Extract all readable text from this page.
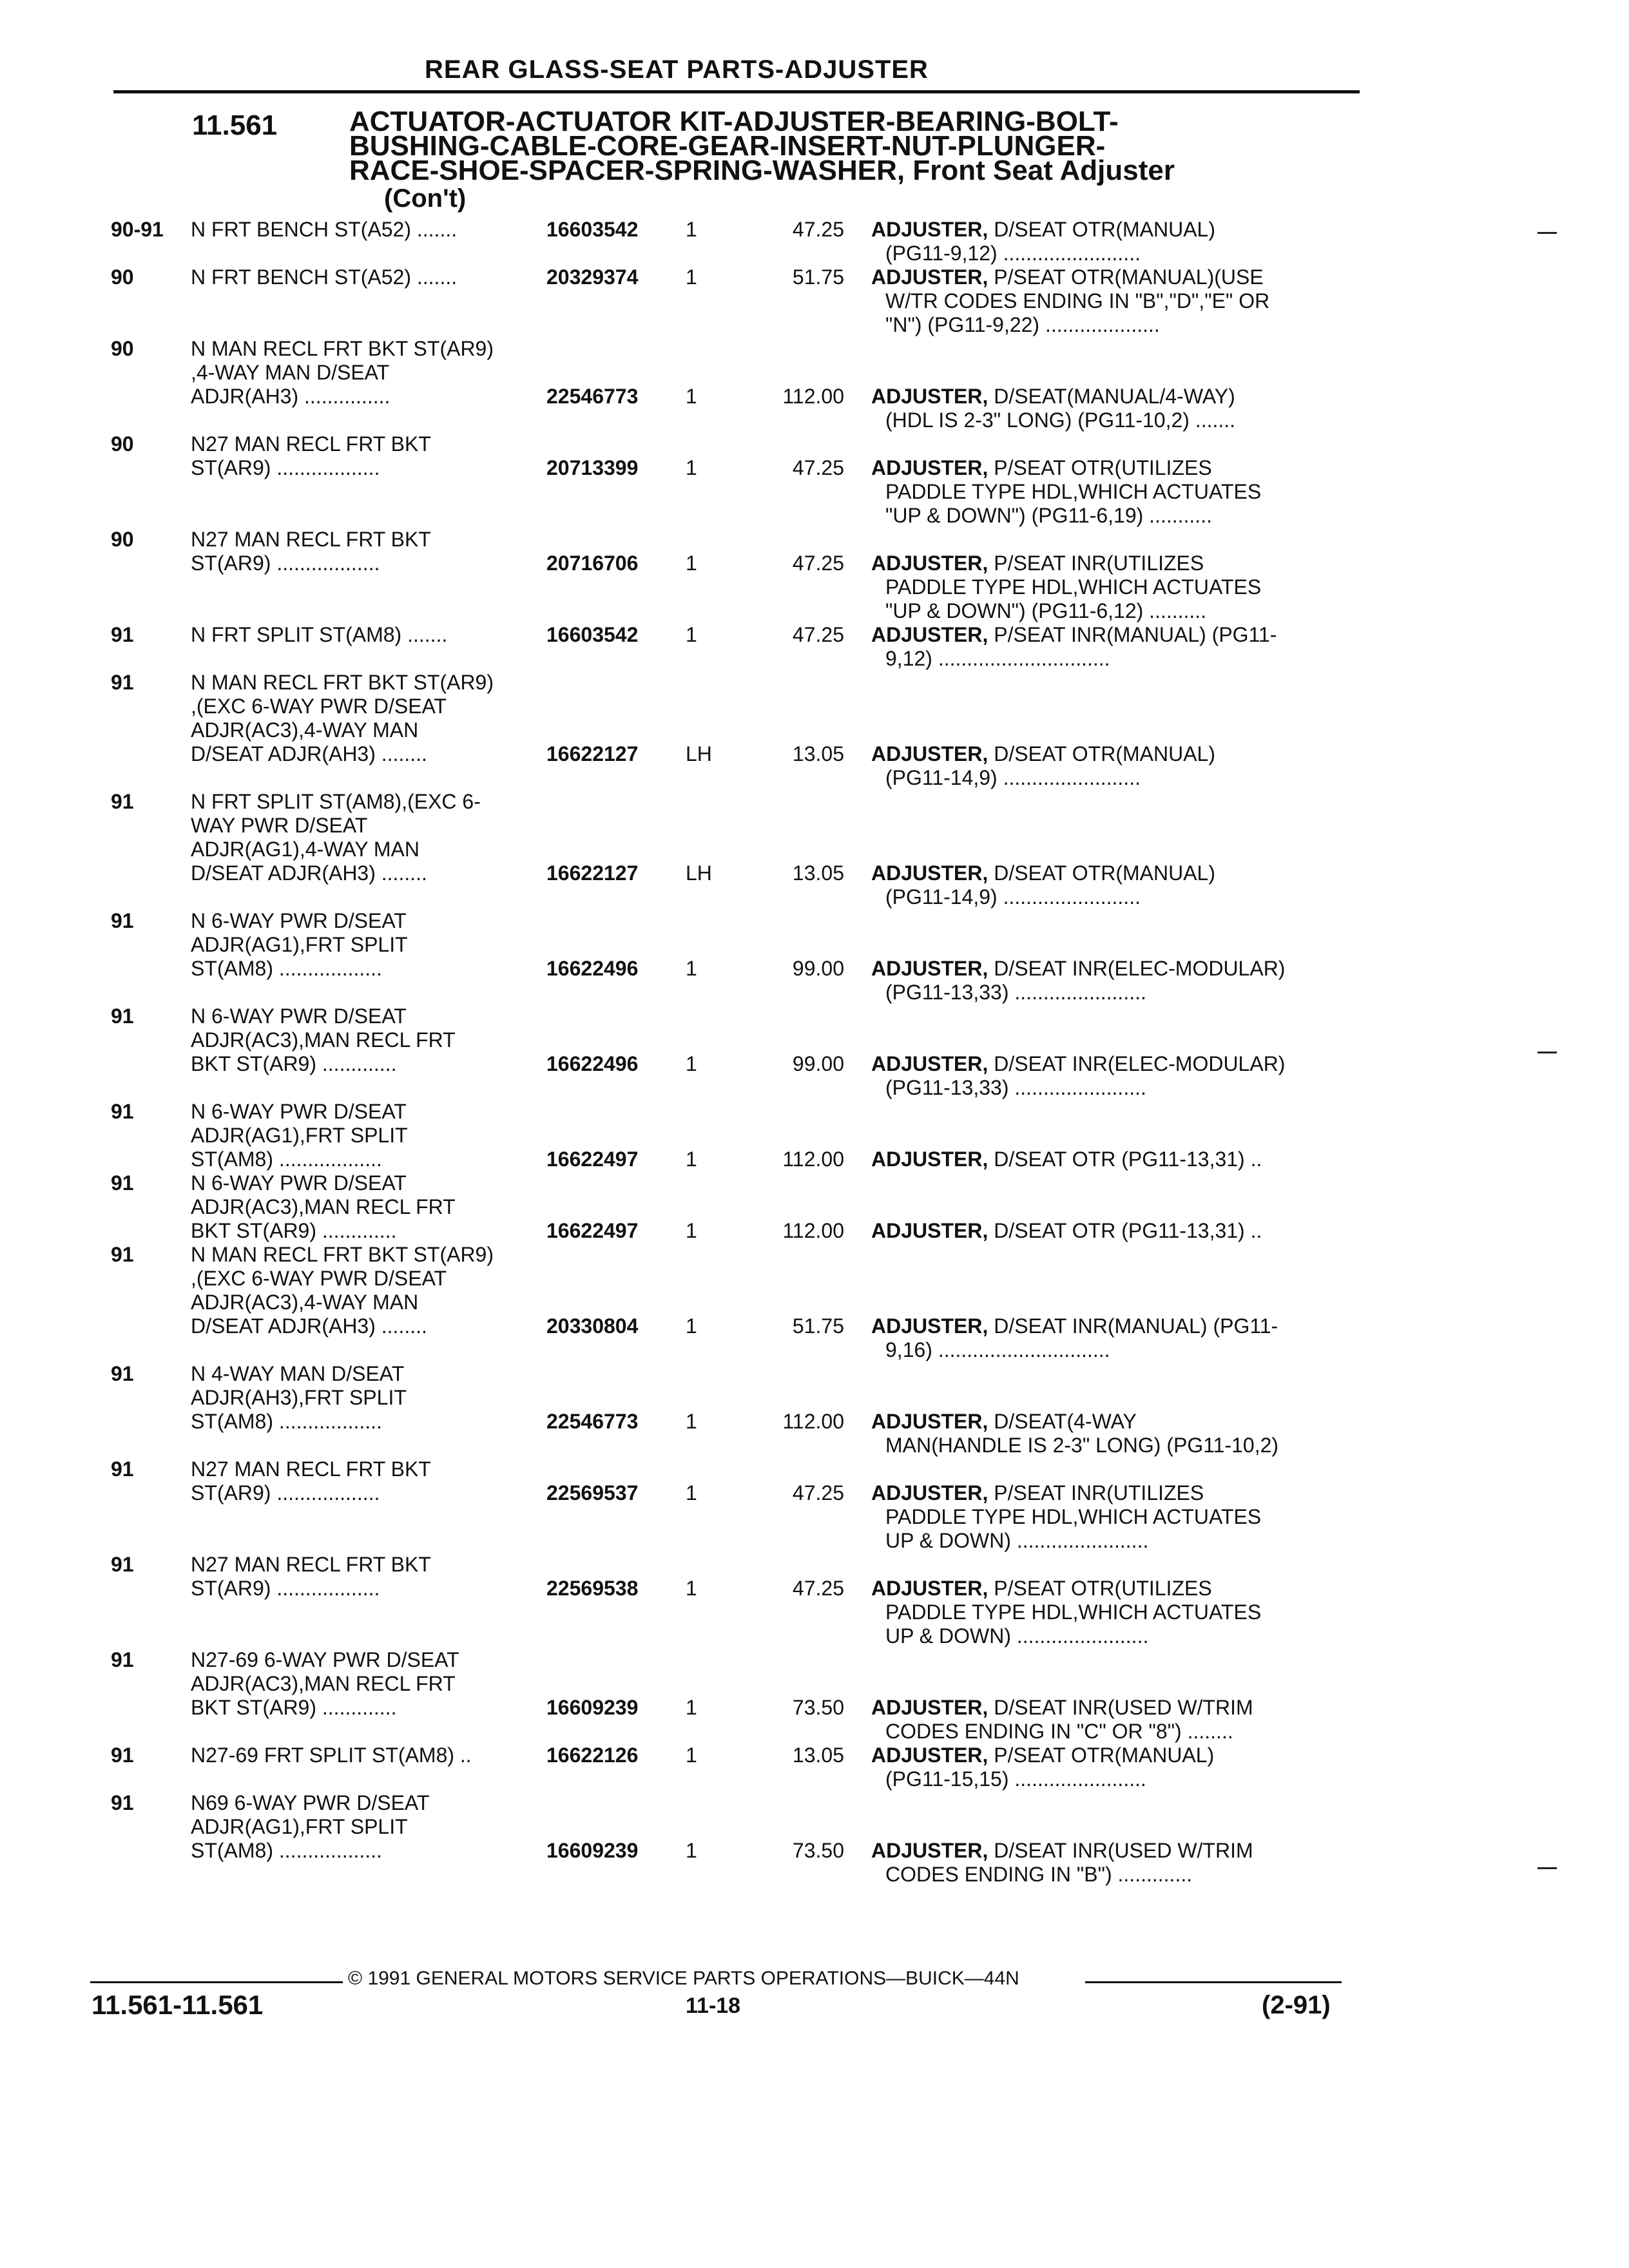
REAR GLASS-SEAT PARTS-ADJUSTER
11.561	ACTUATOR-ACTUATOR KIT-ADJUSTER-BEARING-BOLT-
BUSHING-CABLE-CORE-GEAR-INSERT-NUT-PLUNGER-
RACE-SHOE-SPACER-SPRING-WASHER, Front Seat Adjuster
(Con't)
90-91	N FRT BENCH ST(A52) .......	16603542	1	47.25 ADJUSTER, D/SEAT OTR(MANUAL)
(PG11-9,12) ........................
90	N FRT BENCH ST(A52) .......	20329374	1	51.75 ADJUSTER, P/SEAT OTR(MANUAL)(USE
W/TR CODES ENDING IN "B","D","E" OR
"N") (PG11-9,22) ....................
90	N MAN RECL FRT BKT ST(AR9)
,4-WAY MAN D/SEAT
ADJR(AH3) ...............	22546773	1	112.00 ADJUSTER, D/SEAT(MANUAL/4-WAY)
(HDL IS 2-3" LONG) (PG11-10,2) .......
90	N27 MAN RECL FRT BKT
ST(AR9) ..................	20713399	1	47.25 ADJUSTER, P/SEAT OTR(UTILIZES
PADDLE TYPE HDL,WHICH ACTUATES
"UP & DOWN") (PG11-6,19) ...........
90	N27 MAN RECL FRT BKT
ST(AR9) ..................	20716706	1	47.25 ADJUSTER, P/SEAT INR(UTILIZES
PADDLE TYPE HDL,WHICH ACTUATES
"UP & DOWN") (PG11-6,12) ..........
91	N FRT SPLIT ST(AM8) .......	16603542	1	47.25 ADJUSTER, P/SEAT INR(MANUAL) (PG11-
9,12) ..............................
91	N MAN RECL FRT BKT ST(AR9)
,(EXC 6-WAY PWR D/SEAT
ADJR(AC3),4-WAY MAN
D/SEAT ADJR(AH3) ........	16622127	LH	13.05 ADJUSTER, D/SEAT OTR(MANUAL)
(PG11-14,9) ........................
91	N FRT SPLIT ST(AM8),(EXC 6-
WAY PWR D/SEAT
ADJR(AG1),4-WAY MAN
D/SEAT ADJR(AH3) ........	16622127	LH	13.05 ADJUSTER, D/SEAT OTR(MANUAL)
(PG11-14,9) ........................
91	N 6-WAY PWR D/SEAT
ADJR(AG1),FRT SPLIT
ST(AM8) ..................	16622496	1	99.00 ADJUSTER, D/SEAT INR(ELEC-MODULAR)
(PG11-13,33) .......................
91	N 6-WAY PWR D/SEAT
ADJR(AC3),MAN RECL FRT
BKT ST(AR9) .............	16622496	1	99.00 ADJUSTER, D/SEAT INR(ELEC-MODULAR)
(PG11-13,33) .......................
91	N 6-WAY PWR D/SEAT
ADJR(AG1),FRT SPLIT
ST(AM8) ..................	16622497	1	112.00 ADJUSTER, D/SEAT OTR (PG11-13,31) ..
91	N 6-WAY PWR D/SEAT
ADJR(AC3),MAN RECL FRT
BKT ST(AR9) .............	16622497	1	112.00 ADJUSTER, D/SEAT OTR (PG11-13,31) ..
91	N MAN RECL FRT BKT ST(AR9)
,(EXC 6-WAY PWR D/SEAT
ADJR(AC3),4-WAY MAN
D/SEAT ADJR(AH3) ........	20330804	1	51.75 ADJUSTER, D/SEAT INR(MANUAL) (PG11-
9,16) ..............................
91	N 4-WAY MAN D/SEAT
ADJR(AH3),FRT SPLIT
ST(AM8) ..................	22546773	1	112.00 ADJUSTER, D/SEAT(4-WAY
MAN(HANDLE IS 2-3" LONG) (PG11-10,2)
91	N27 MAN RECL FRT BKT
ST(AR9) ..................	22569537	1	47.25 ADJUSTER, P/SEAT INR(UTILIZES
PADDLE TYPE HDL,WHICH ACTUATES
UP & DOWN) .......................
91	N27 MAN RECL FRT BKT
ST(AR9) ..................	22569538	1	47.25 ADJUSTER, P/SEAT OTR(UTILIZES
PADDLE TYPE HDL,WHICH ACTUATES
UP & DOWN) .......................
91	N27-69 6-WAY PWR D/SEAT
ADJR(AC3),MAN RECL FRT
BKT ST(AR9) .............	16609239	1	73.50 ADJUSTER, D/SEAT INR(USED W/TRIM
CODES ENDING IN "C" OR "8") ........
91	N27-69 FRT SPLIT ST(AM8) ..	16622126	1	13.05 ADJUSTER, P/SEAT OTR(MANUAL)
(PG11-15,15) .......................
91	N69 6-WAY PWR D/SEAT
ADJR(AG1),FRT SPLIT
ST(AM8) ..................	16609239	1	73.50 ADJUSTER, D/SEAT INR(USED W/TRIM
CODES ENDING IN "B") .............
© 1991 GENERAL MOTORS SERVICE PARTS OPERATIONS—BUICK—44N
11.561-11.561	11-18	(2-91)
